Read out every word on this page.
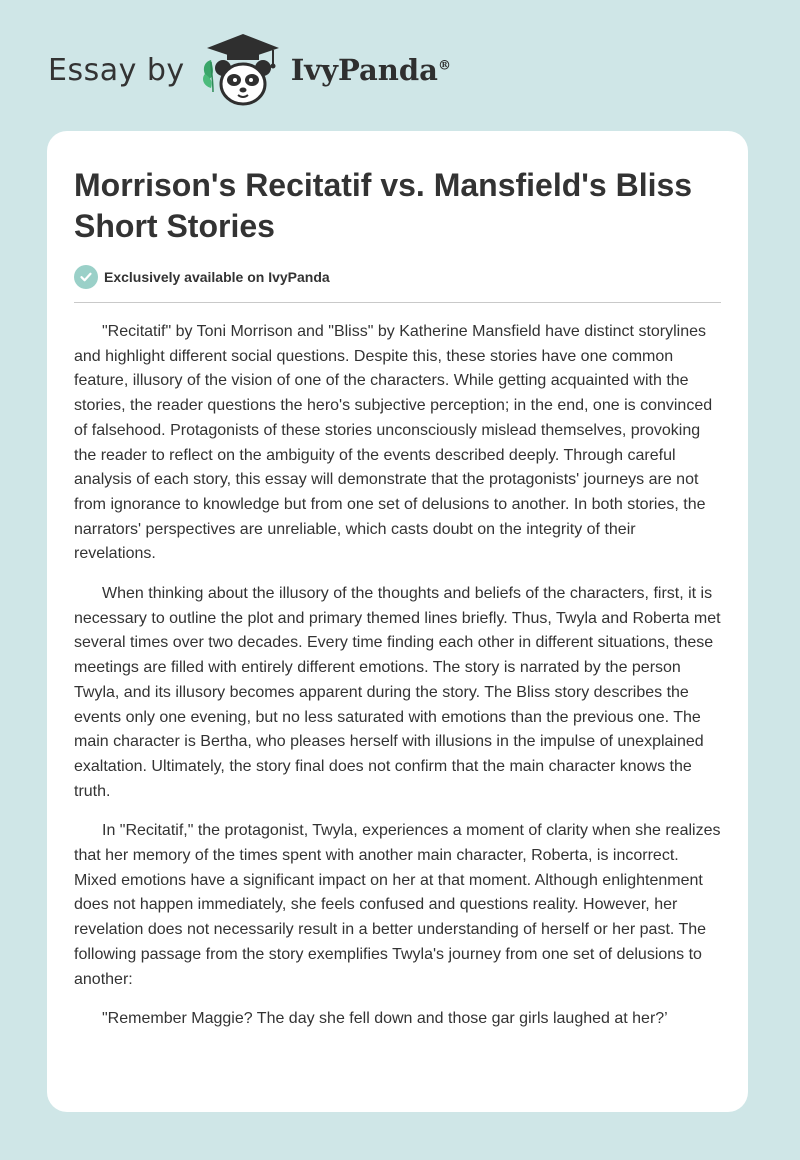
Essay by	IvyPanda®
Morrison's Recitatif vs. Mansfield's Bliss Short Stories
Exclusively available on IvyPanda

"Recitatif" by Toni Morrison and "Bliss" by Katherine Mansfield have distinct storylines and highlight different social questions. Despite this, these stories have one common feature, illusory of the vision of one of the characters. While getting acquainted with the stories, the reader questions the hero's subjective perception; in the end, one is convinced of falsehood. Protagonists of these stories unconsciously mislead themselves, provoking the reader to reflect on the ambiguity of the events described deeply. Through careful analysis of each story, this essay will demonstrate that the protagonists' journeys are not from ignorance to knowledge but from one set of delusions to another. In both stories, the narrators' perspectives are unreliable, which casts doubt on the integrity of their revelations.

When thinking about the illusory of the thoughts and beliefs of the characters, first, it is necessary to outline the plot and primary themed lines briefly. Thus, Twyla and Roberta met several times over two decades. Every time finding each other in different situations, these meetings are filled with entirely different emotions. The story is narrated by the person Twyla, and its illusory becomes apparent during the story. The Bliss story describes the events only one evening, but no less saturated with emotions than the previous one. The main character is Bertha, who pleases herself with illusions in the impulse of unexplained exaltation. Ultimately, the story final does not confirm that the main character knows the truth.

In "Recitatif," the protagonist, Twyla, experiences a moment of clarity when she realizes that her memory of the times spent with another main character, Roberta, is incorrect. Mixed emotions have a significant impact on her at that moment. Although enlightenment does not happen immediately, she feels confused and questions reality. However, her revelation does not necessarily result in a better understanding of herself or her past. The following passage from the story exemplifies Twyla's journey from one set of delusions to another:

"Remember Maggie? The day she fell down and those gar girls laughed at her?’
